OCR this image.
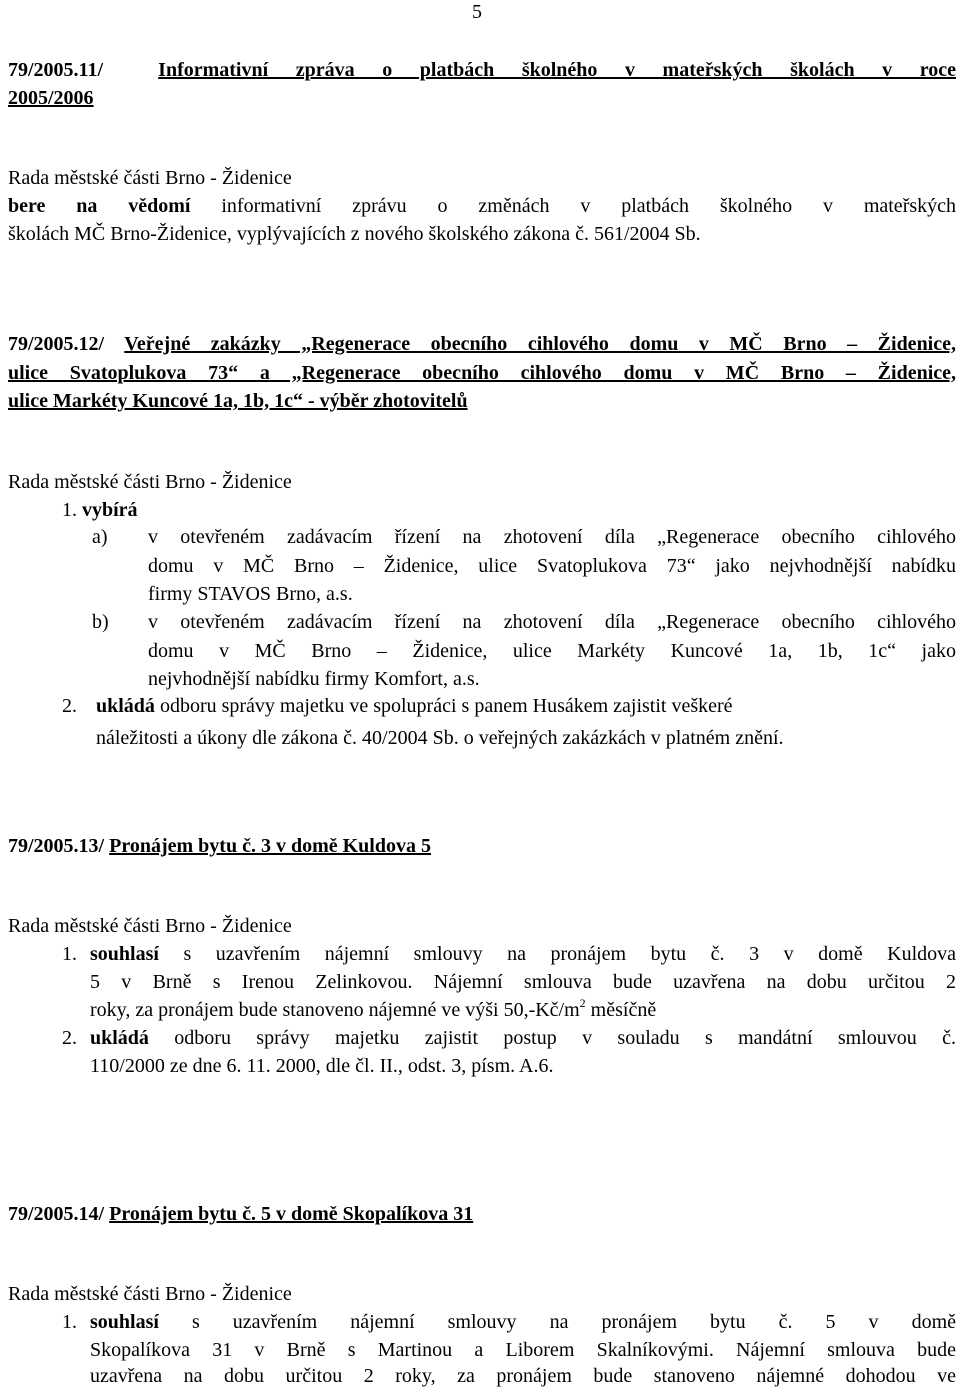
5
79/2005.11/	Informativní zpráva o platbách školného v mateřských školách v roce
2005/2006
Rada městské části Brno - Židenice
bere na vědomí informativní zprávu o změnách v platbách školného v mateřských
školách MČ Brno-Židenice, vyplývajících z nového školského zákona č. 561/2004 Sb.
79/2005.12/ Veřejné zakázky „Regenerace obecního cihlového domu v MČ Brno – Židenice,
ulice Svatoplukova 73“ a „Regenerace obecního cihlového domu v MČ Brno – Židenice,
ulice Markéty Kuncové 1a, 1b, 1c“ - výběr zhotovitelů
Rada městské části Brno - Židenice
1. vybírá
a) v otevřeném zadávacím řízení na zhotovení díla „Regenerace obecního cihlového
domu v MČ Brno – Židenice, ulice Svatoplukova 73“ jako nejvhodnější nabídku
firmy STAVOS Brno, a.s.
b) v otevřeném zadávacím řízení na zhotovení díla „Regenerace obecního cihlového
domu v MČ Brno – Židenice, ulice Markéty Kuncové 1a, 1b, 1c“ jako
nejvhodnější nabídku firmy Komfort, a.s.
2. ukládá odboru správy majetku ve spolupráci s panem Husákem zajistit veškeré
náležitosti a úkony dle zákona č. 40/2004 Sb. o veřejných zakázkách v platném znění.
79/2005.13/ Pronájem bytu č. 3 v domě Kuldova 5
Rada městské části Brno - Židenice
1. souhlasí s uzavřením nájemní smlouvy na pronájem bytu č. 3 v domě Kuldova
5 v Brně s Irenou Zelinkovou. Nájemní smlouva bude uzavřena na dobu určitou 2
roky, za pronájem bude stanoveno nájemné ve výši $50,-Kč/m^2$ měsíčně
2. ukládá odboru správy majetku zajistit postup v souladu s mandátní smlouvou č.
110/2000 ze dne 6. 11. 2000, dle čl. II., odst. 3, písm. A.6.
79/2005.14/ Pronájem bytu č. 5 v domě Skopalíkova 31
Rada městské části Brno - Židenice
1. souhlasí s uzavřením nájemní smlouvy na pronájem bytu č. 5 v domě
Skopalíkova 31 v Brně s Martinou a Liborem Skalníkovými. Nájemní smlouva bude
uzavřena na dobu určitou 2 roky, za pronájem bude stanoveno nájemné dohodou ve
